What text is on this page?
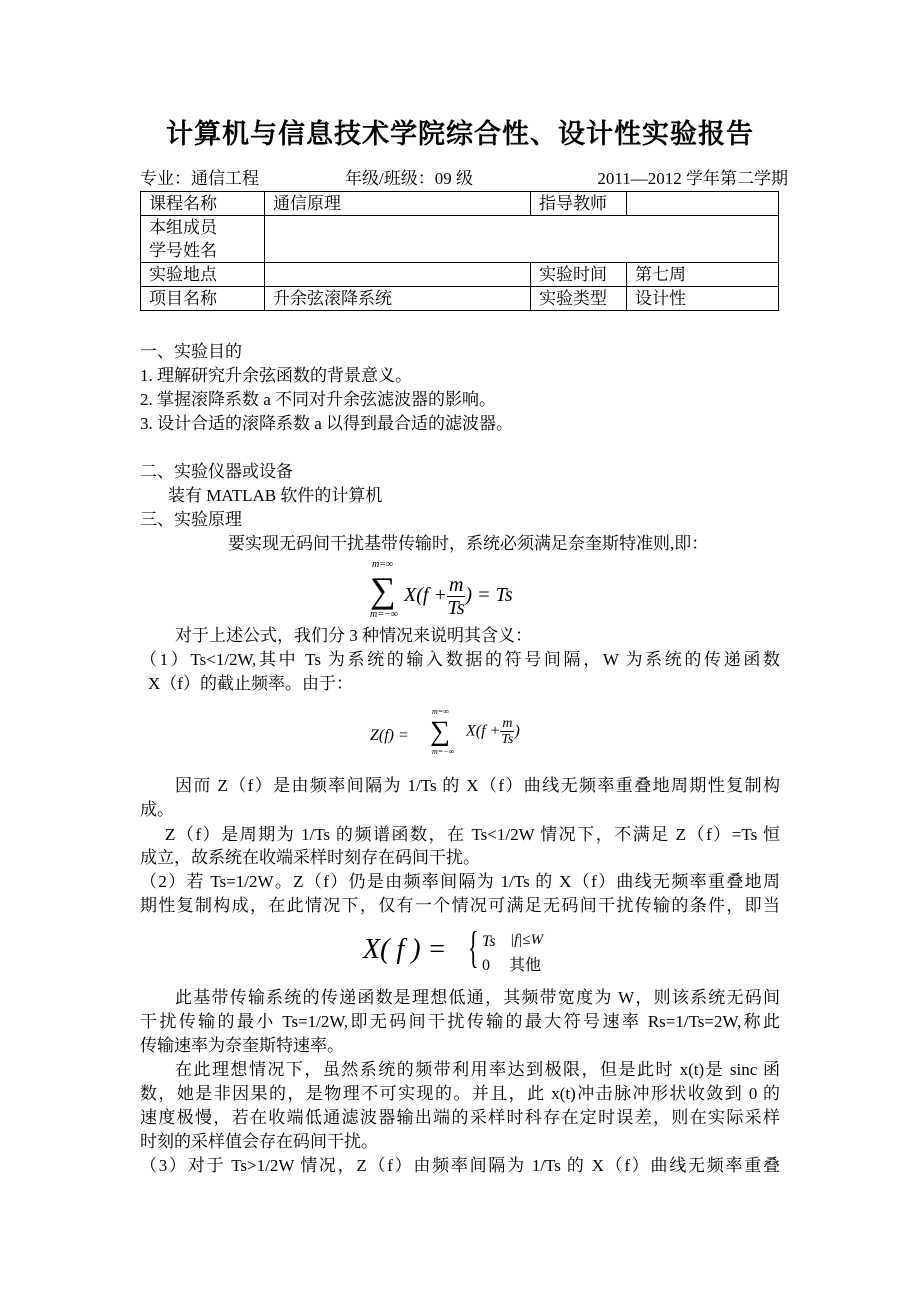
计算机与信息技术学院综合性、设计性实验报告
专业：通信工程	年级/班级：09 级	2011—2012 学年第二学期
课程名称	通信原理	指导教师	
本组成员
学号姓名			
实验地点		实验时间	第七周
项目名称	升余弦滚降系统	实验类型	设计性
一、实验目的
1. 理解研究升余弦函数的背景意义。
2. 掌握滚降系数 a 不同对升余弦滤波器的影响。
3. 设计合适的滚降系数 a 以得到最合适的滤波器。
二、实验仪器或设备
装有 MATLAB 软件的计算机
三、实验原理
要实现无码间干扰基带传输时，系统必须满足奈奎斯特准则,即：
m=∞
∑
m=−∞
$X(f + \frac{m}{Ts}$ ) = Ts
对于上述公式，我们分 3 种情况来说明其含义：
（1）Ts<1/2W,其中 Ts 为系统的输入数据的符号间隔，W 为系统的传递函数
X（f）的截止频率。由于：
Z(f) =
m=∞
∑
m=−∞
$X(f + \frac{m}{Ts}$ )
因而 Z（f）是由频率间隔为 1/Ts 的 X（f）曲线无频率重叠地周期性复制构
成。
Z（f）是周期为 1/Ts 的频谱函数，在 Ts<1/2W 情况下，不满足 Z（f）=Ts 恒
成立，故系统在收端采样时刻存在码间干扰。
（2）若 Ts=1/2W。Z（f）仍是由频率间隔为 1/Ts 的 X（f）曲线无频率重叠地周
期性复制构成，在此情况下，仅有一个情况可满足无码间干扰传输的条件，即当
X( f ) = { Ts |f|≤W
0 其他
此基带传输系统的传递函数是理想低通，其频带宽度为 W，则该系统无码间
干扰传输的最小 Ts=1/2W,即无码间干扰传输的最大符号速率 Rs=1/Ts=2W,称此
传输速率为奈奎斯特速率。
在此理想情况下，虽然系统的频带利用率达到极限，但是此时 x(t)是 sinc 函
数，她是非因果的，是物理不可实现的。并且，此 x(t)冲击脉冲形状收敛到 0 的
速度极慢，若在收端低通滤波器输出端的采样时科存在定时误差，则在实际采样
时刻的采样值会存在码间干扰。
（3）对于 Ts>1/2W 情况，Z（f）由频率间隔为 1/Ts 的 X（f）曲线无频率重叠
